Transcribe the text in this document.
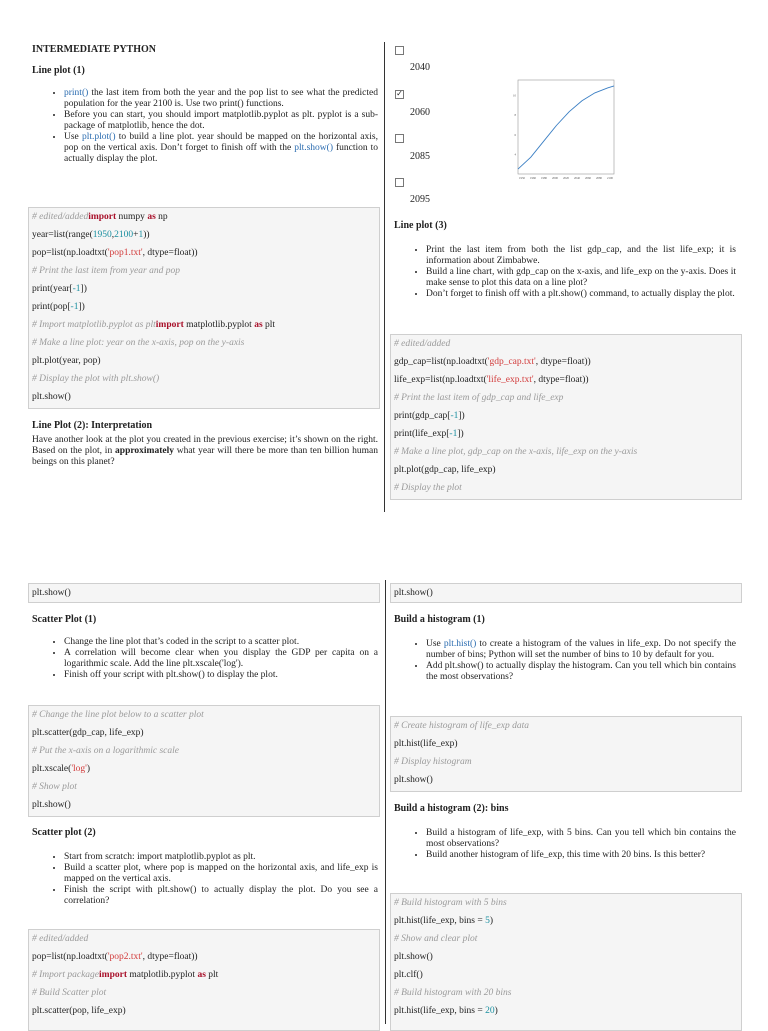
INTERMEDIATE PYTHON
Line plot (1)
• print() the last item from both the year and the pop list to see what the predicted population for the year 2100 is. Use two print() functions.
• Before you can start, you should import matplotlib.pyplot as plt. pyplot is a sub-package of matplotlib, hence the dot.
• Use plt.plot() to build a line plot. year should be mapped on the horizontal axis, pop on the vertical axis. Don’t forget to finish off with the plt.show() function to actually display the plot.
# edited/addedimport numpy as np
year=list(range(1950,2100+1))
pop=list(np.loadtxt('pop1.txt', dtype=float))
# Print the last item from year and pop
print(year[-1])
print(pop[-1])
# Import matplotlib.pyplot as pltimport matplotlib.pyplot as plt
# Make a line plot: year on the x-axis, pop on the y-axis
plt.plot(year, pop)
# Display the plot with plt.show()
plt.show()
Line Plot (2): Interpretation
Have another look at the plot you created in the previous exercise; it’s shown on the right. Based on the plot, in approximately what year will there be more than ten billion human beings on this planet?
2040
✓
2060
2085
2095
10
8
6
4
1950 1960 1980 2000 2020 2040 2060 2080 2100
Line plot (3)
• Print the last item from both the list gdp_cap, and the list life_exp; it is information about Zimbabwe.
• Build a line chart, with gdp_cap on the x-axis, and life_exp on the y-axis. Does it make sense to plot this data on a line plot?
• Don’t forget to finish off with a plt.show() command, to actually display the plot.
# edited/added
gdp_cap=list(np.loadtxt('gdp_cap.txt', dtype=float))
life_exp=list(np.loadtxt('life_exp.txt', dtype=float))
# Print the last item of gdp_cap and life_exp
print(gdp_cap[-1])
print(life_exp[-1])
# Make a line plot, gdp_cap on the x-axis, life_exp on the y-axis
plt.plot(gdp_cap, life_exp)
# Display the plot
plt.show()
Scatter Plot (1)
• Change the line plot that’s coded in the script to a scatter plot.
• A correlation will become clear when you display the GDP per capita on a logarithmic scale. Add the line plt.xscale('log').
• Finish off your script with plt.show() to display the plot.
# Change the line plot below to a scatter plot
plt.scatter(gdp_cap, life_exp)
# Put the x-axis on a logarithmic scale
plt.xscale('log')
# Show plot
plt.show()
Scatter plot (2)
• Start from scratch: import matplotlib.pyplot as plt.
• Build a scatter plot, where pop is mapped on the horizontal axis, and life_exp is mapped on the vertical axis.
• Finish the script with plt.show() to actually display the plot. Do you see a correlation?
# edited/added
pop=list(np.loadtxt('pop2.txt', dtype=float))
# Import packageimport matplotlib.pyplot as plt
# Build Scatter plot
plt.scatter(pop, life_exp)
plt.show()
Build a histogram (1)
• Use plt.hist() to create a histogram of the values in life_exp. Do not specify the number of bins; Python will set the number of bins to 10 by default for you.
• Add plt.show() to actually display the histogram. Can you tell which bin contains the most observations?
# Create histogram of life_exp data
plt.hist(life_exp)
# Display histogram
plt.show()
Build a histogram (2): bins
• Build a histogram of life_exp, with 5 bins. Can you tell which bin contains the most observations?
• Build another histogram of life_exp, this time with 20 bins. Is this better?
# Build histogram with 5 bins
plt.hist(life_exp, bins = 5)
# Show and clear plot
plt.show()
plt.clf()
# Build histogram with 20 bins
plt.hist(life_exp, bins = 20)
